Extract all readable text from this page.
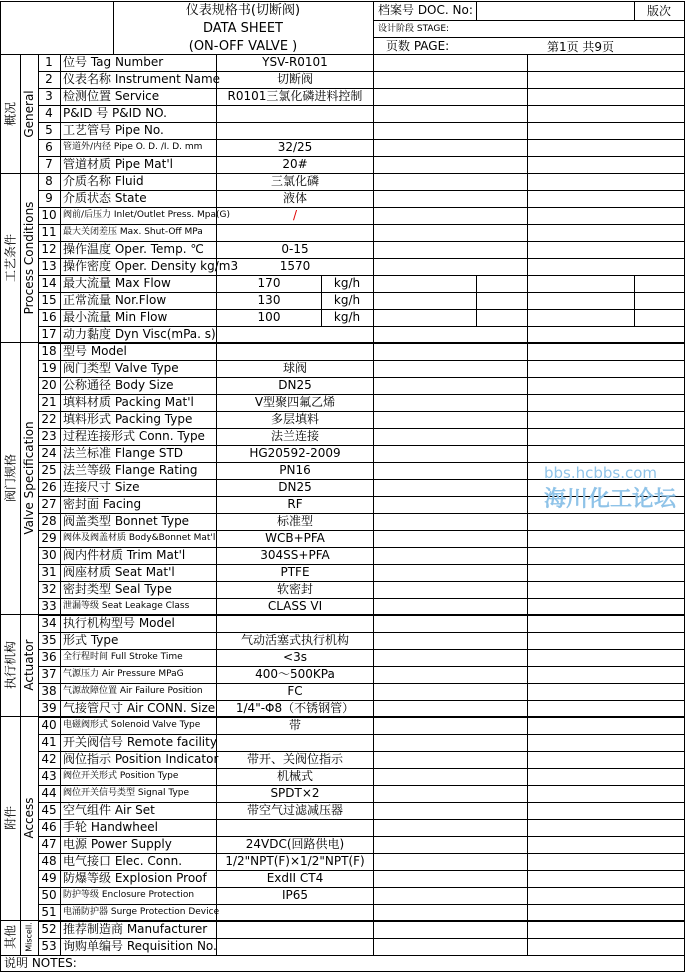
仪表规格书(切断阀)
DATA SHEET
(ON-OFF VALVE )
档案号 DOC. No:	版次
设计阶段 STAGE:
页数 PAGE:	第1页 共9页
概况 General
工艺条件 Process Conditions
阀门规格 Valve Specification
执行机构 Actuator
附件 Access
其他 Miscell.
1 位号 Tag Number	YSV-R0101
2 仪表名称 Instrument Name	切断阀
3 检测位置 Service	R0101三氯化磷进料控制
4 P&ID 号 P&ID NO.
5 工艺管号 Pipe No.
6	管道外/内径 Pipe O. D. /I. D. mm	32/25
7 管道材质 Pipe Mat'l	20#
8 介质名称 Fluid	三氯化磷
9 介质状态 State	液体
10 阀前/后压力 Inlet/Outlet Press. Mpa(G)	/
11 最大关闭差压 Max. Shut-Off MPa
12 操作温度 Oper. Temp. ℃	0-15
13 操作密度 Oper. Density kg/m3	1570
14 最大流量 Max Flow	170	kg/h
15 正常流量 Nor.Flow	130	kg/h
16 最小流量 Min Flow	100	kg/h
17 动力黏度 Dyn Visc(mPa. s)
18 型号 Model
19 阀门类型 Valve Type	球阀
20 公称通径 Body Size	DN25
21 填料材质 Packing Mat'l	V型聚四氟乙烯
22 填料形式 Packing Type	多层填料
23 过程连接形式 Conn. Type	法兰连接
24 法兰标准 Flange STD	HG20592-2009
25 法兰等级 Flange Rating	PN16
26 连接尺寸 Size	DN25
27 密封面 Facing	RF
28 阀盖类型 Bonnet Type	标准型
29 阀体及阀盖材质 Body&Bonnet Mat'l	WCB+PFA
30 阀内件材质 Trim Mat'l	304SS+PFA
31 阀座材质 Seat Mat'l	PTFE
32 密封类型 Seal Type	软密封
33 泄漏等级 Seat Leakage Class	CLASS VI
34 执行机构型号 Model
35 形式 Type	气动活塞式执行机构
36 全行程时间 Full Stroke Time	<3s
37 气源压力 Air Pressure MPaG	400～500KPa
38 气源故障位置 Air Failure Position	FC
39 气接管尺寸 Air CONN. Size	1/4"-Φ8（不锈钢管）
40 电磁阀形式 Solenoid Valve Type	带
41 开关阀信号 Remote facility
42 阀位指示 Position Indicator	带开、关阀位指示
43 阀位开关形式 Position Type	机械式
44 阀位开关信号类型 Signal Type	SPDT×2
45 空气组件 Air Set	带空气过滤减压器
46 手轮 Handwheel
47 电源 Power Supply	24VDC(回路供电)
48 电气接口 Elec. Conn.	1/2"NPT(F)×1/2"NPT(F)
49 防爆等级 Explosion Proof	ExdII CT4
50 防护等级 Enclosure Protection	IP65
51 电涌防护器 Surge Protection Device
52 推荐制造商 Manufacturer
53 询购单编号 Requisition No.
说明 NOTES:
bbs.hcbbs.com
海川化工论坛
